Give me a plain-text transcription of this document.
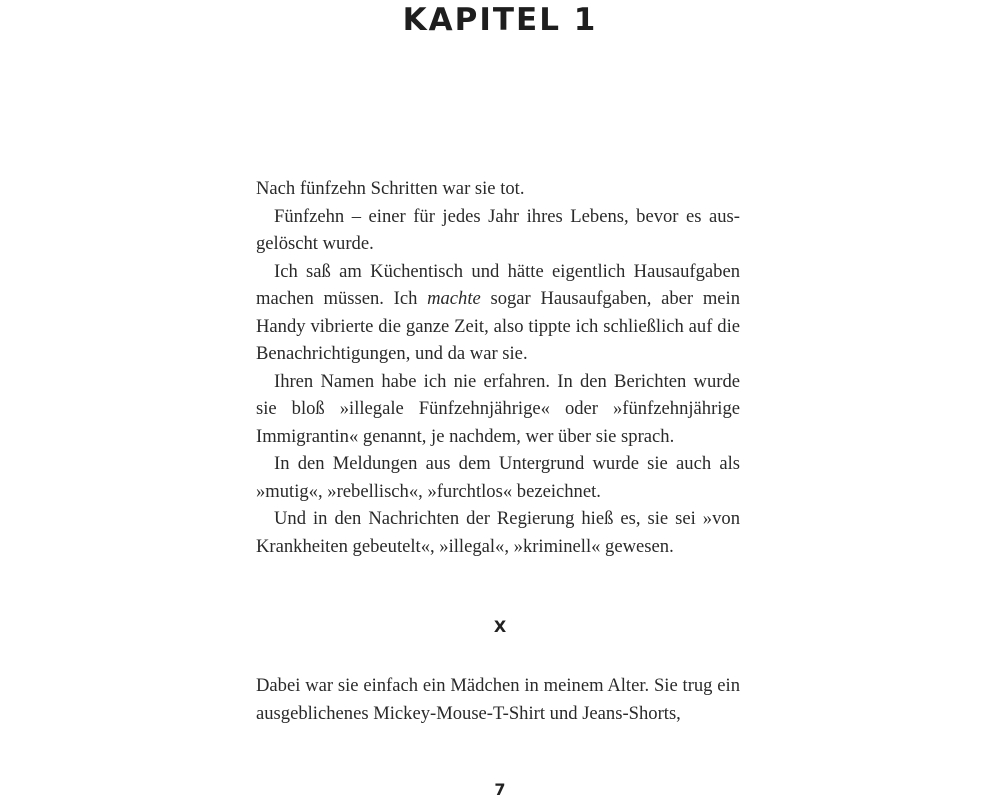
KAPITEL 1

Nach fünfzehn Schritten war sie tot.

Fünfzehn – einer für jedes Jahr ihres Lebens, bevor es ausgelöscht wurde.

Ich saß am Küchentisch und hätte eigentlich Hausaufgaben machen müssen. Ich machte sogar Hausaufgaben, aber mein Handy vibrierte die ganze Zeit, also tippte ich schließlich auf die Benachrichtigungen, und da war sie.

Ihren Namen habe ich nie erfahren. In den Berichten wurde sie bloß »illegale Fünfzehnjährige« oder »fünfzehnjährige Immigrantin« genannt, je nachdem, wer über sie sprach.

In den Meldungen aus dem Untergrund wurde sie auch als »mutig«, »rebellisch«, »furchtlos« bezeichnet.

Und in den Nachrichten der Regierung hieß es, sie sei »von Krankheiten gebeutelt«, »illegal«, »kriminell« gewesen.

X

Dabei war sie einfach ein Mädchen in meinem Alter. Sie trug ein ausgeblichenes Mickey-Mouse-T-Shirt und Jeans-Shorts,

7
